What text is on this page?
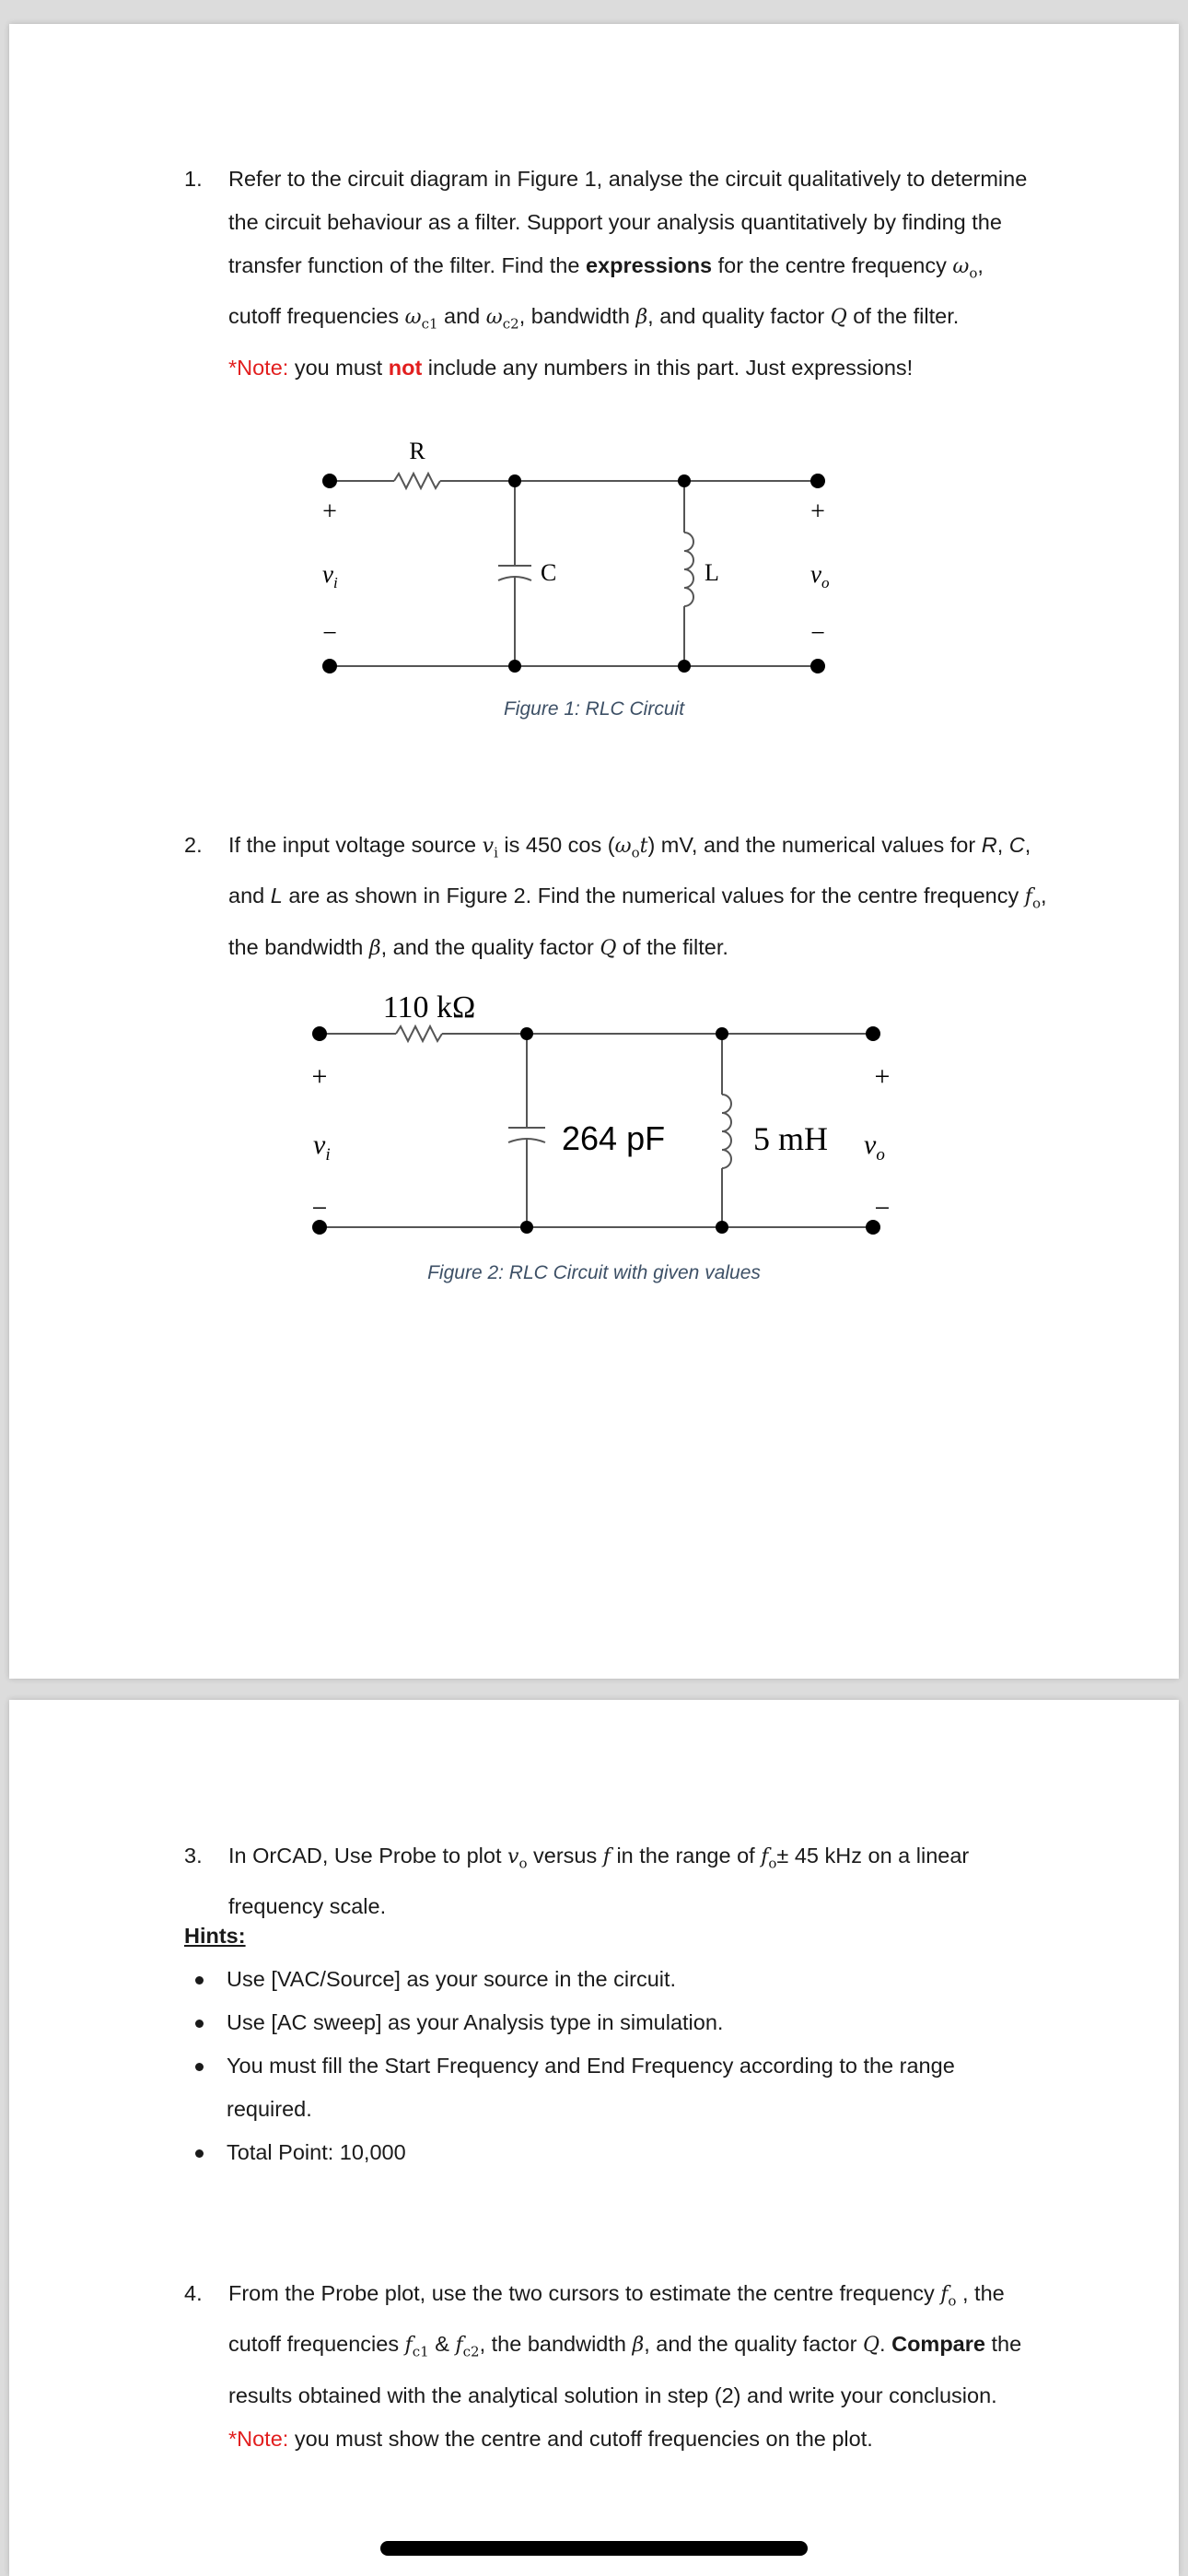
1. Refer to the circuit diagram in Figure 1, analyse the circuit qualitatively to determine
the circuit behaviour as a filter. Support your analysis quantitatively by finding the
transfer function of the filter. Find the expressions for the centre frequency $\omega_o$,
cutoff frequencies $\omega_{c1}$ and $\omega_{c2}$, bandwidth β, and quality factor Q of the filter.
*Note: you must not include any numbers in this part. Just expressions!
R
C	L
+
−
+
−
$v_i$	$v_o$
Figure 1: RLC Circuit
2. If the input voltage source $v_i$ is 450 $\cos (\omega_ot)$ mV, and the numerical values for R, C,
and L are as shown in Figure 2. Find the numerical values for the centre frequency $f_o$,
the bandwidth β, and the quality factor Q of the filter.
110 kΩ
264 pF	5 mH
+
−
+
−
$v_i$	$v_o$
Figure 2: RLC Circuit with given values
3. In OrCAD, Use Probe to plot $v_o$ versus f in the range of $f_o\pm 45$ kHz on a linear
frequency scale.
Hints:
Use [VAC/Source] as your source in the circuit.
Use [AC sweep] as your Analysis type in simulation.
You must fill the Start Frequency and End Frequency according to the range
required.
Total Point: 10,000
4. From the Probe plot, use the two cursors to estimate the centre frequency $f_o$ , the
cutoff frequencies $f_{c1}$ & $f_{c2}$, the bandwidth β, and the quality factor Q. Compare the
results obtained with the analytical solution in step (2) and write your conclusion.
*Note: you must show the centre and cutoff frequencies on the plot.
